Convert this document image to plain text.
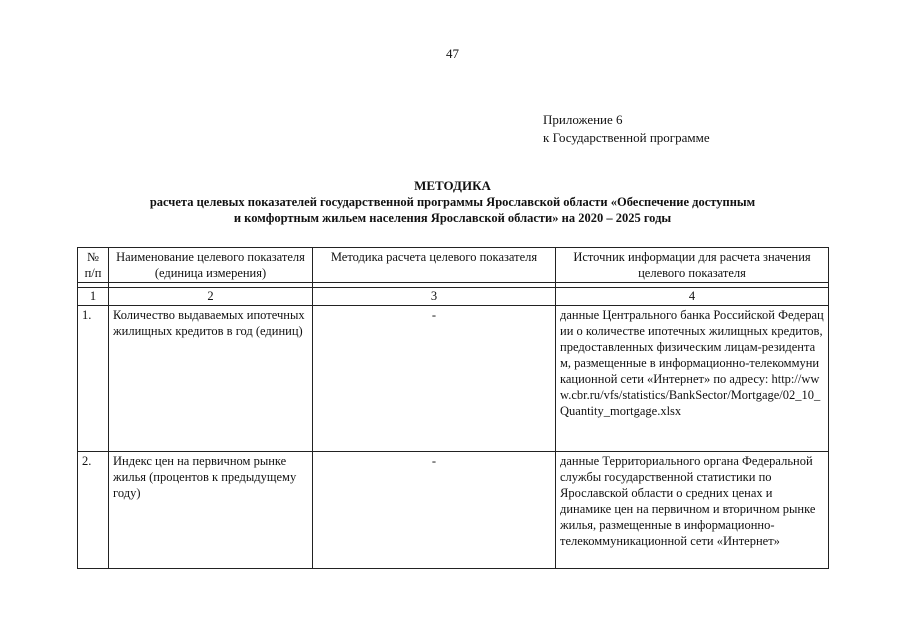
47
Приложение 6
к Государственной программе
МЕТОДИКА
расчета целевых показателей государственной программы Ярославской области «Обеспечение доступным
и комфортным жильем населения Ярославской области» на 2020 – 2025 годы
№ п/п	Наименование целевого показателя (единица измерения)	Методика расчета целевого показателя	Источник информации для расчета значения целевого показателя

1	2	3	4
1.	Количество выдаваемых ипотечных жилищных кредитов в год (единиц)	-	данные Центрального банка Российской Федерации о количестве ипотечных жилищных кредитов, предоставленных физическим лицам-резидентам, размещенные в информационно-телекоммуникационной сети «Интернет» по адресу: http://www.cbr.ru/vfs/statistics/BankSector/Mortgage/02_10_Quantity_mortgage.xlsx
2.	Индекс цен на первичном рынке жилья (процентов к предыдущему году)	-	данные Территориального органа Федеральной службы государственной статистики по Ярославской области о средних ценах и динамике цен на первичном и вторичном рынке жилья, размещенные в информационно-телекоммуникационной сети «Интернет»
